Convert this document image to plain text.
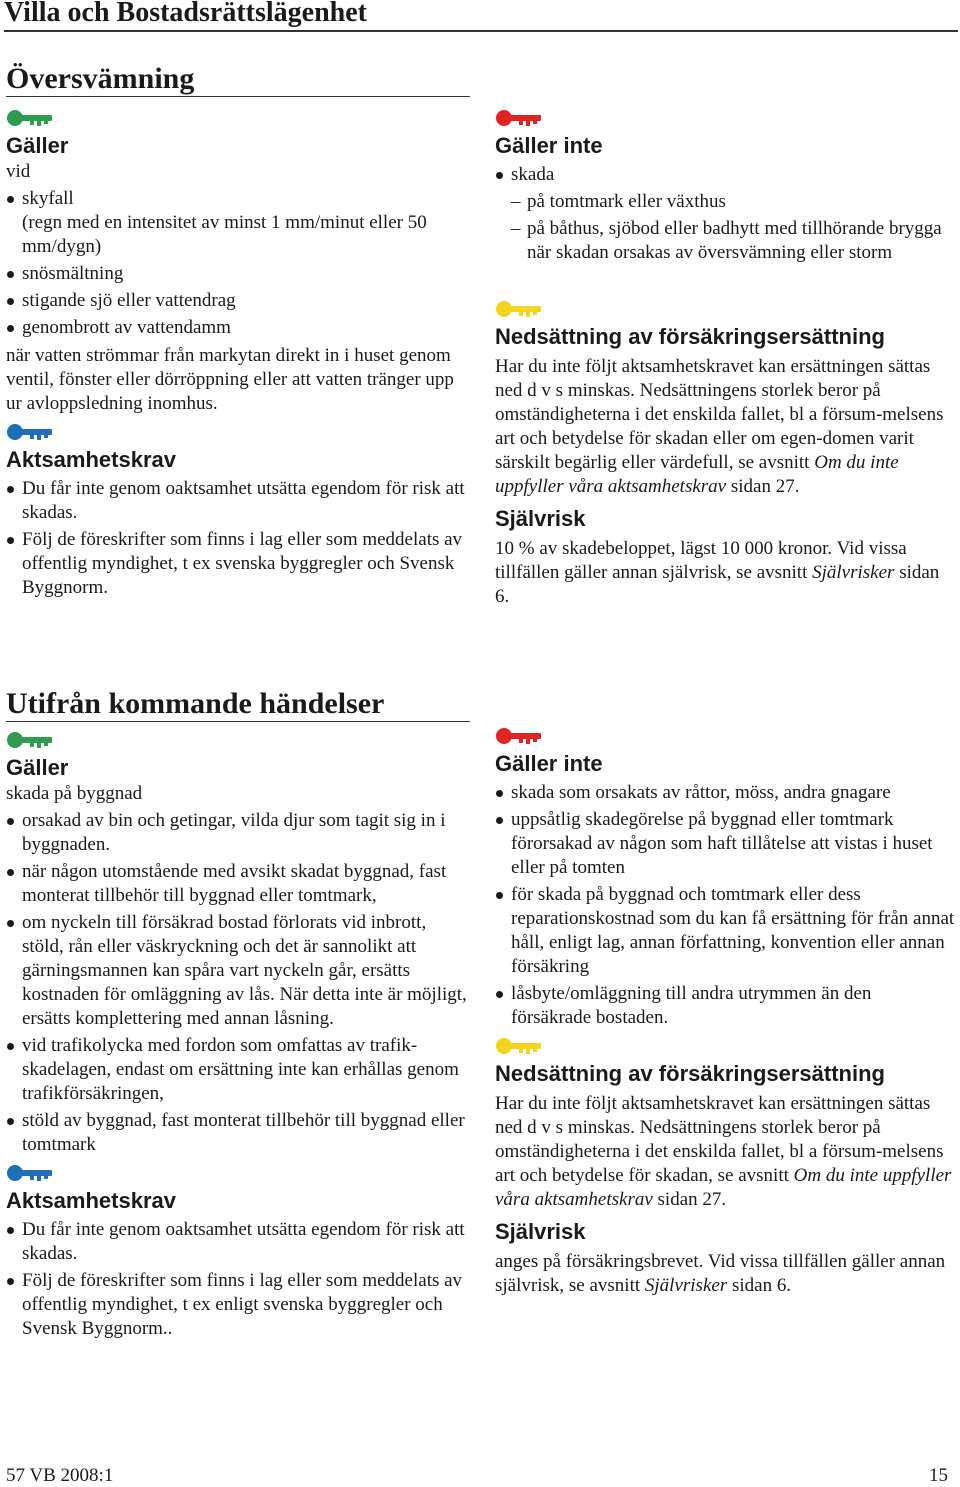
Villa och Bostadsrättslägenhet
Översvämning
Gäller

vid

skyfall
(regn med en intensitet av minst 1 mm/minut eller 50 mm/dygn)
snösmältning
stigande sjö eller vattendrag
genombrott av vattendamm

när vatten strömmar från markytan direkt in i huset genom ventil, fönster eller dörröppning eller att vatten tränger upp ur avloppsledning inomhus.

Aktsamhetskrav
Du får inte genom oaktsamhet utsätta egendom för risk att skadas.
Följ de föreskrifter som finns i lag eller som meddelats av offentlig myndighet, t ex svenska byggregler och Svensk Byggnorm.
Gäller inte
skada
– på tomtmark eller växthus
– på båthus, sjöbod eller badhytt med tillhörande brygga när skadan orsakas av översvämning eller storm
Nedsättning av försäkringsersättning

Har du inte följt aktsamhetskravet kan ersättningen sättas ned d v s minskas. Nedsättningens storlek beror på omständigheterna i det enskilda fallet, bl a försum-melsens art och betydelse för skadan eller om egen-domen varit särskilt begärlig eller värdefull, se avsnitt Om du inte uppfyller våra aktsamhetskrav sidan 27.

Självrisk

10 % av skadebeloppet, lägst 10 000 kronor. Vid vissa tillfällen gäller annan självrisk, se avsnitt Självrisker sidan 6.

Utifrån kommande händelser
Gäller

skada på byggnad

orsakad av bin och getingar, vilda djur som tagit sig in i byggnaden.
när någon utomstående med avsikt skadat byggnad, fast monterat tillbehör till byggnad eller tomtmark,
om nyckeln till försäkrad bostad förlorats vid inbrott, stöld, rån eller väskryckning och det är sannolikt att gärningsmannen kan spåra vart nyckeln går, ersätts kostnaden för omläggning av lås. När detta inte är möjligt, ersätts komplettering med annan låsning.
vid trafikolycka med fordon som omfattas av trafik-skadelagen, endast om ersättning inte kan erhållas genom trafikförsäkringen,
stöld av byggnad, fast monterat tillbehör till byggnad eller tomtmark
Aktsamhetskrav
Du får inte genom oaktsamhet utsätta egendom för risk att skadas.
Följ de föreskrifter som finns i lag eller som meddelats av offentlig myndighet, t ex enligt svenska byggregler och Svensk Byggnorm..
Gäller inte
skada som orsakats av råttor, möss, andra gnagare
uppsåtlig skadegörelse på byggnad eller tomtmark förorsakad av någon som haft tillåtelse att vistas i huset eller på tomten
för skada på byggnad och tomtmark eller dess reparationskostnad som du kan få ersättning för från annat håll, enligt lag, annan författning, konvention eller annan försäkring
låsbyte/omläggning till andra utrymmen än den försäkrade bostaden.
Nedsättning av försäkringsersättning

Har du inte följt aktsamhetskravet kan ersättningen sättas ned d v s minskas. Nedsättningens storlek beror på omständigheterna i det enskilda fallet, bl a försum-melsens art och betydelse för skadan, se avsnitt Om du inte uppfyller våra aktsamhetskrav sidan 27.

Självrisk

anges på försäkringsbrevet. Vid vissa tillfällen gäller annan självrisk, se avsnitt Självrisker sidan 6.

57 VB 2008:1	15
